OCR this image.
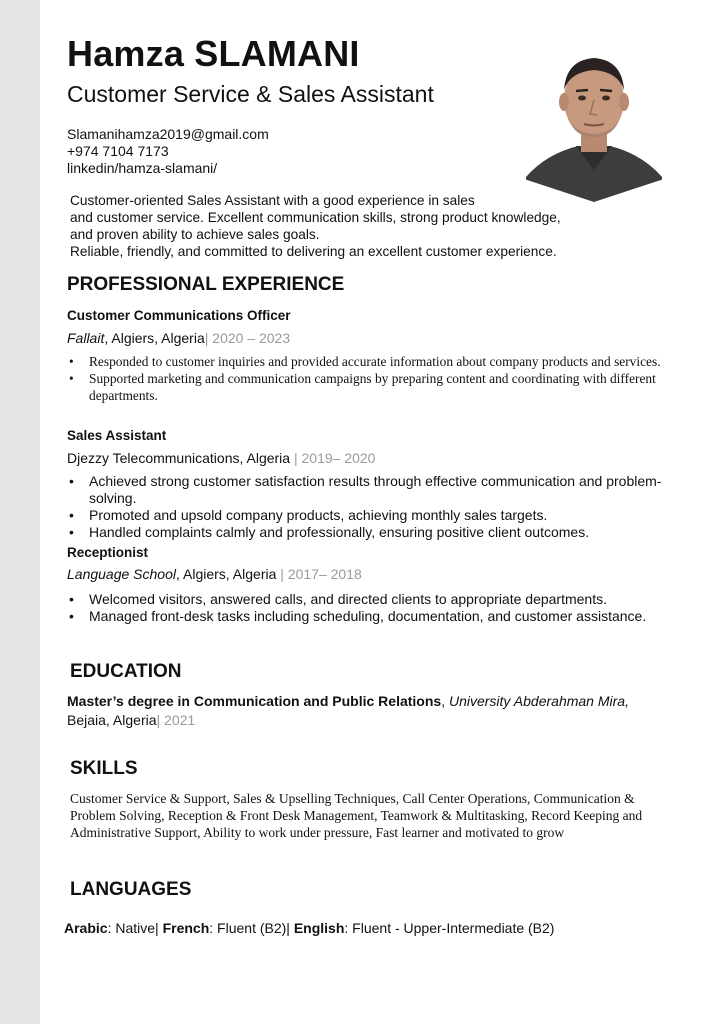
Hamza SLAMANI
Customer Service & Sales Assistant
Slamanihamza2019@gmail.com
+974 7104 7173
linkedin/hamza-slamani/
Customer-oriented Sales Assistant with a good experience in sales
and customer service. Excellent communication skills, strong product knowledge,
and proven ability to achieve sales goals.
Reliable, friendly, and committed to delivering an excellent customer experience.
PROFESSIONAL EXPERIENCE
Customer Communications Officer
Fallait, Algiers, Algeria| 2020 – 2023
• Responded to customer inquiries and provided accurate information about company products and services.
• Supported marketing and communication campaigns by preparing content and coordinating with different departments.
Sales Assistant
Djezzy Telecommunications, Algeria | 2019– 2020
• Achieved strong customer satisfaction results through effective communication and problem-solving.
• Promoted and upsold company products, achieving monthly sales targets.
• Handled complaints calmly and professionally, ensuring positive client outcomes.
Receptionist
Language School, Algiers, Algeria | 2017– 2018
• Welcomed visitors, answered calls, and directed clients to appropriate departments.
• Managed front-desk tasks including scheduling, documentation, and customer assistance.
EDUCATION
Master’s degree in Communication and Public Relations, University Abderahman Mira, Bejaia, Algeria| 2021
SKILLS
Customer Service & Support, Sales & Upselling Techniques, Call Center Operations, Communication & Problem Solving, Reception & Front Desk Management, Teamwork & Multitasking, Record Keeping and Administrative Support, Ability to work under pressure, Fast learner and motivated to grow
LANGUAGES
Arabic: Native| French: Fluent (B2)| English: Fluent - Upper-Intermediate (B2)
